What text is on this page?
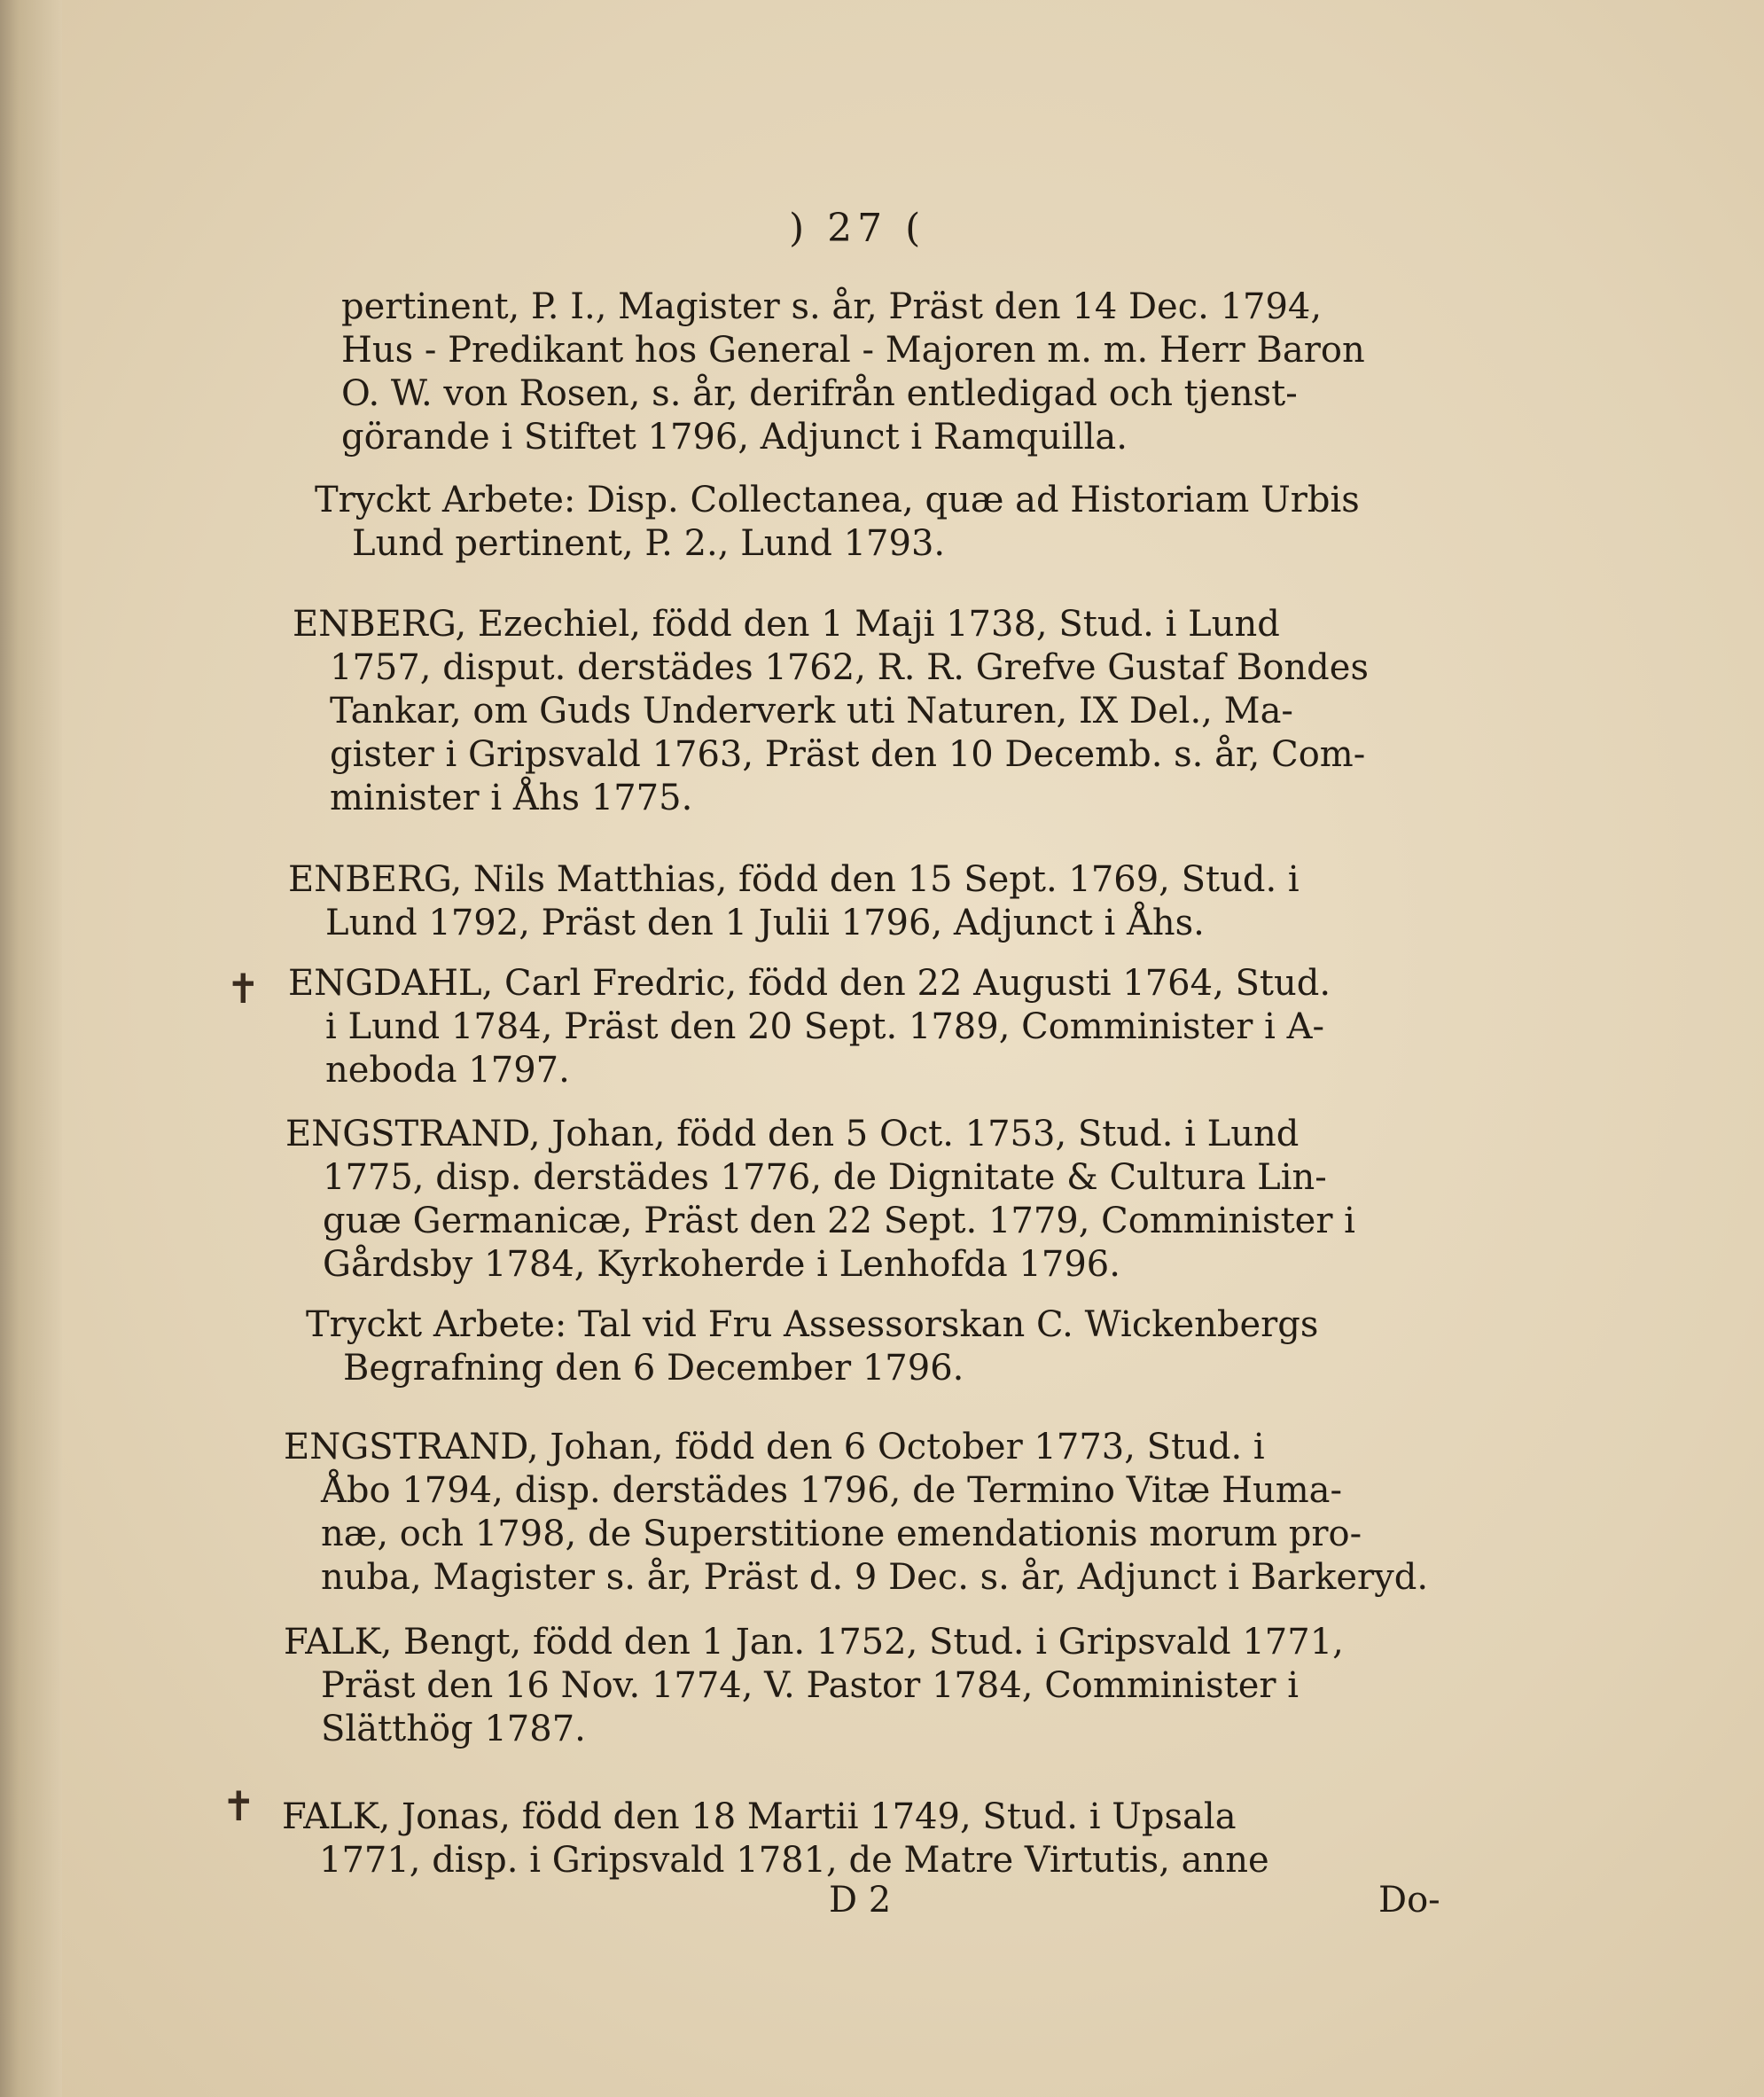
) 27 (
pertinent, P. I., Magister s. år, Präst den 14 Dec. 1794,
Hus - Predikant hos General - Majoren m. m. Herr Baron
O. W. von Rosen, s. år, derifrån entledigad och tjenst-
görande i Stiftet 1796, Adjunct i Ramquilla.
Tryckt Arbete: Disp. Collectanea, quæ ad Historiam Urbis
Lund pertinent, P. 2., Lund 1793.
ENBERG, Ezechiel, född den 1 Maji 1738, Stud. i Lund
1757, disput. derstädes 1762, R. R. Grefve Gustaf Bondes
Tankar, om Guds Underverk uti Naturen, IX Del., Ma-
gister i Gripsvald 1763, Präst den 10 Decemb. s. år, Com-
minister i Åhs 1775.
ENBERG, Nils Matthias, född den 15 Sept. 1769, Stud. i
Lund 1792, Präst den 1 Julii 1796, Adjunct i Åhs.
✝ ENGDAHL, Carl Fredric, född den 22 Augusti 1764, Stud.
i Lund 1784, Präst den 20 Sept. 1789, Comminister i A-
neboda 1797.
ENGSTRAND, Johan, född den 5 Oct. 1753, Stud. i Lund
1775, disp. derstädes 1776, de Dignitate & Cultura Lin-
guæ Germanicæ, Präst den 22 Sept. 1779, Comminister i
Gårdsby 1784, Kyrkoherde i Lenhofda 1796.
Tryckt Arbete: Tal vid Fru Assessorskan C. Wickenbergs
Begrafning den 6 December 1796.
ENGSTRAND, Johan, född den 6 October 1773, Stud. i
Åbo 1794, disp. derstädes 1796, de Termino Vitæ Huma-
næ, och 1798, de Superstitione emendationis morum pro-
nuba, Magister s. år, Präst d. 9 Dec. s. år, Adjunct i Barkeryd.
FALK, Bengt, född den 1 Jan. 1752, Stud. i Gripsvald 1771,
Präst den 16 Nov. 1774, V. Pastor 1784, Comminister i
Slätthög 1787.
✝ FALK, Jonas, född den 18 Martii 1749, Stud. i Upsala
1771, disp. i Gripsvald 1781, de Matre Virtutis, anne
D 2	Do-
